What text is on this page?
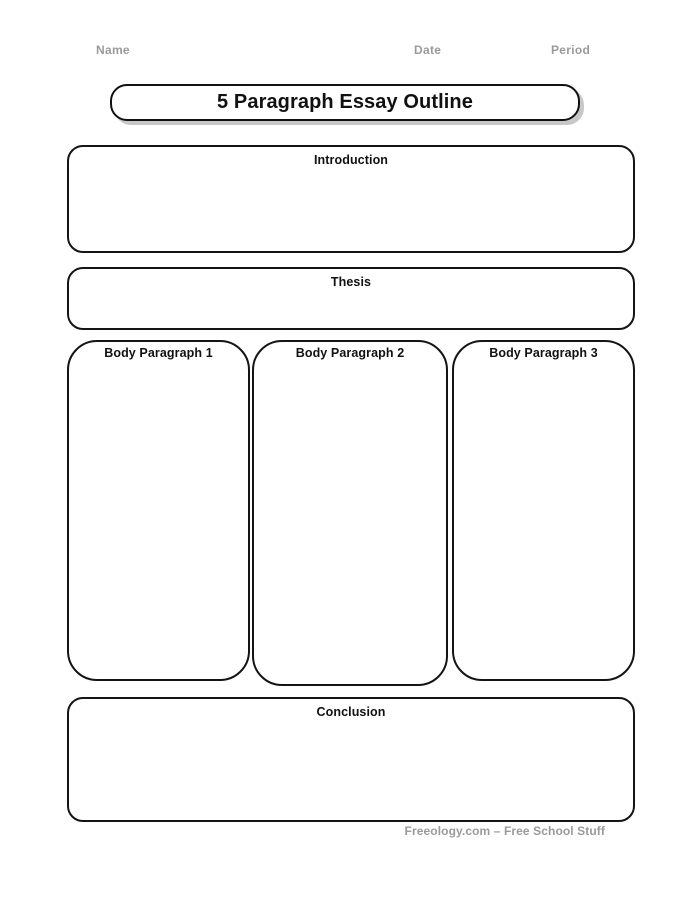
Name	Date	Period
5 Paragraph Essay Outline
Introduction
Thesis
Body Paragraph 1	Body Paragraph 2	Body Paragraph 3
Conclusion
Freeology.com – Free School Stuff
